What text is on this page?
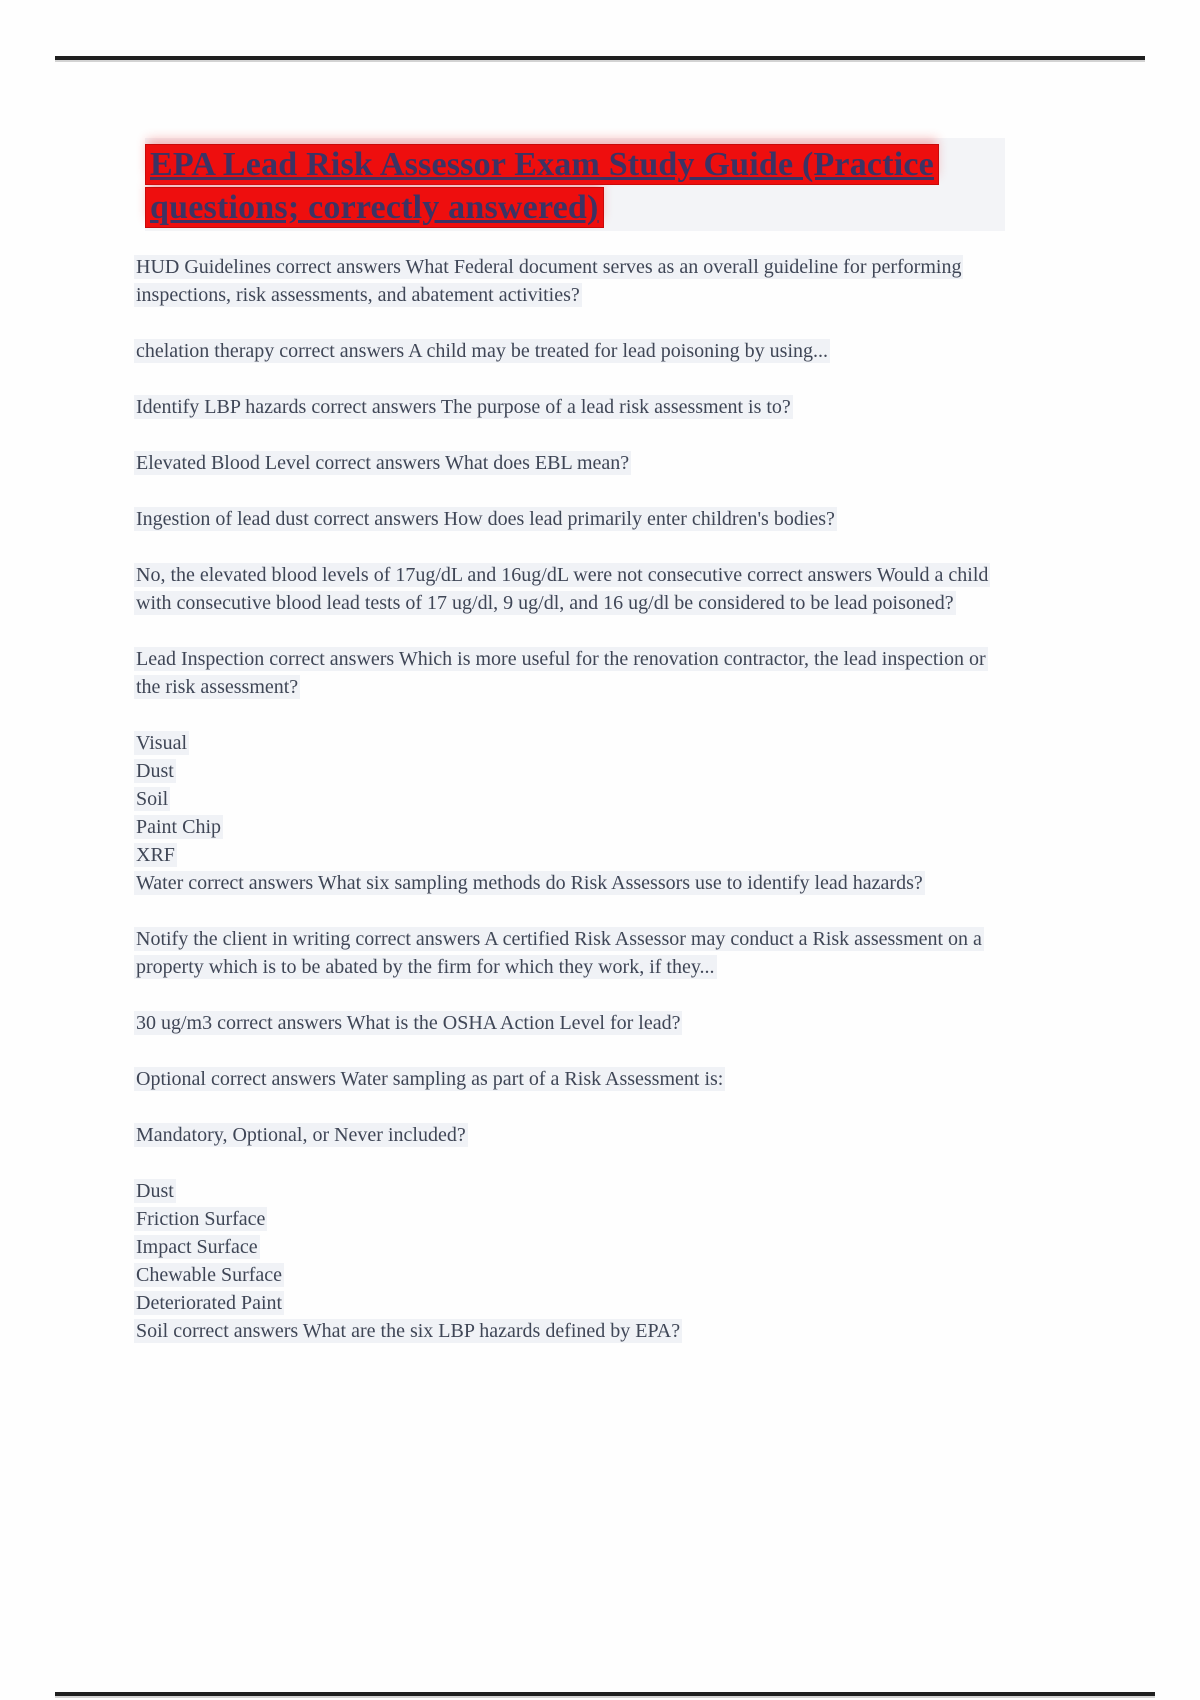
EPA Lead Risk Assessor Exam Study Guide (Practice
questions; correctly answered)

HUD Guidelines correct answers What Federal document serves as an overall guideline for performing inspections, risk assessments, and abatement activities?

chelation therapy correct answers A child may be treated for lead poisoning by using...

Identify LBP hazards correct answers The purpose of a lead risk assessment is to?

Elevated Blood Level correct answers What does EBL mean?

Ingestion of lead dust correct answers How does lead primarily enter children's bodies?

No, the elevated blood levels of 17ug/dL and 16ug/dL were not consecutive correct answers Would a child with consecutive blood lead tests of 17 ug/dl, 9 ug/dl, and 16 ug/dl be considered to be lead poisoned?

Lead Inspection correct answers Which is more useful for the renovation contractor, the lead inspection or the risk assessment?

Visual
Dust
Soil
Paint Chip
XRF
Water correct answers What six sampling methods do Risk Assessors use to identify lead hazards?

Notify the client in writing correct answers A certified Risk Assessor may conduct a Risk assessment on a property which is to be abated by the firm for which they work, if they...

30 ug/m3 correct answers What is the OSHA Action Level for lead?

Optional correct answers Water sampling as part of a Risk Assessment is:

Mandatory, Optional, or Never included?

Dust
Friction Surface
Impact Surface
Chewable Surface
Deteriorated Paint
Soil correct answers What are the six LBP hazards defined by EPA?
